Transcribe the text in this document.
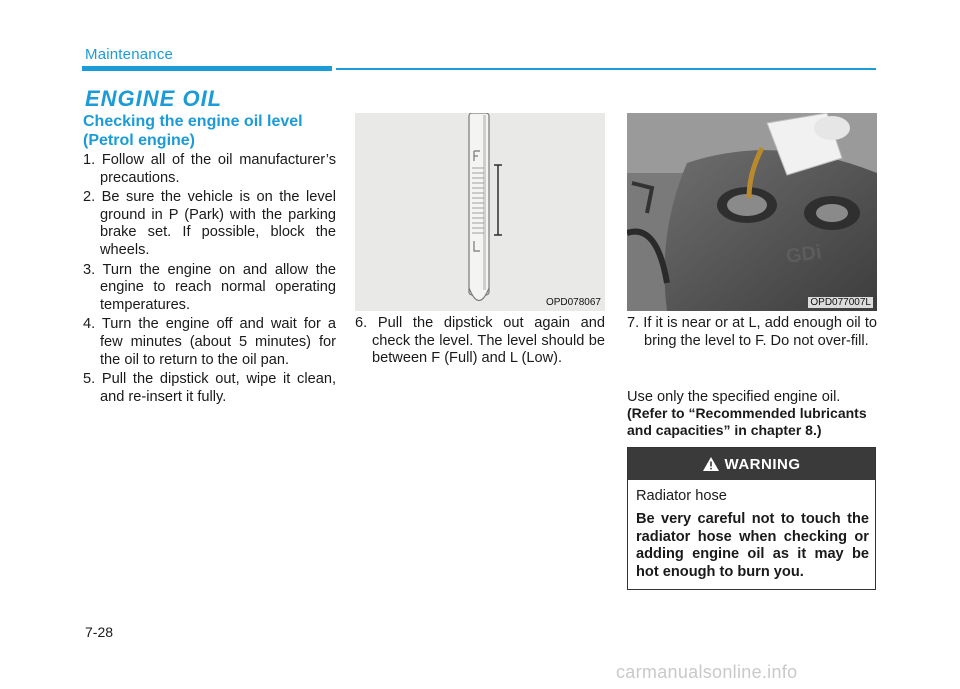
Maintenance
ENGINE OIL
Checking the engine oil level (Petrol engine)
1. Follow all of the oil manufacturer’s precautions.
2. Be sure the vehicle is on the level ground in P (Park) with the parking brake set. If possible, block the wheels.
3. Turn the engine on and allow the engine to reach normal operating temperatures.
4. Turn the engine off and wait for a few minutes (about 5 minutes) for the oil to return to the oil pan.
5. Pull the dipstick out, wipe it clean, and re-insert it fully.
OPD078067
6. Pull the dipstick out again and check the level. The level should be between F (Full) and L (Low).
GDi
OPD077007L
7. If it is near or at L, add enough oil to bring the level to F. Do not over-fill.
Use only the specified engine oil.
(Refer to “Recommended lubricants and capacities” in chapter 8.)
WARNING
Radiator hose
Be very careful not to touch the radiator hose when checking or adding engine oil as it may be hot enough to burn you.
7-28
carmanualsonline.info
